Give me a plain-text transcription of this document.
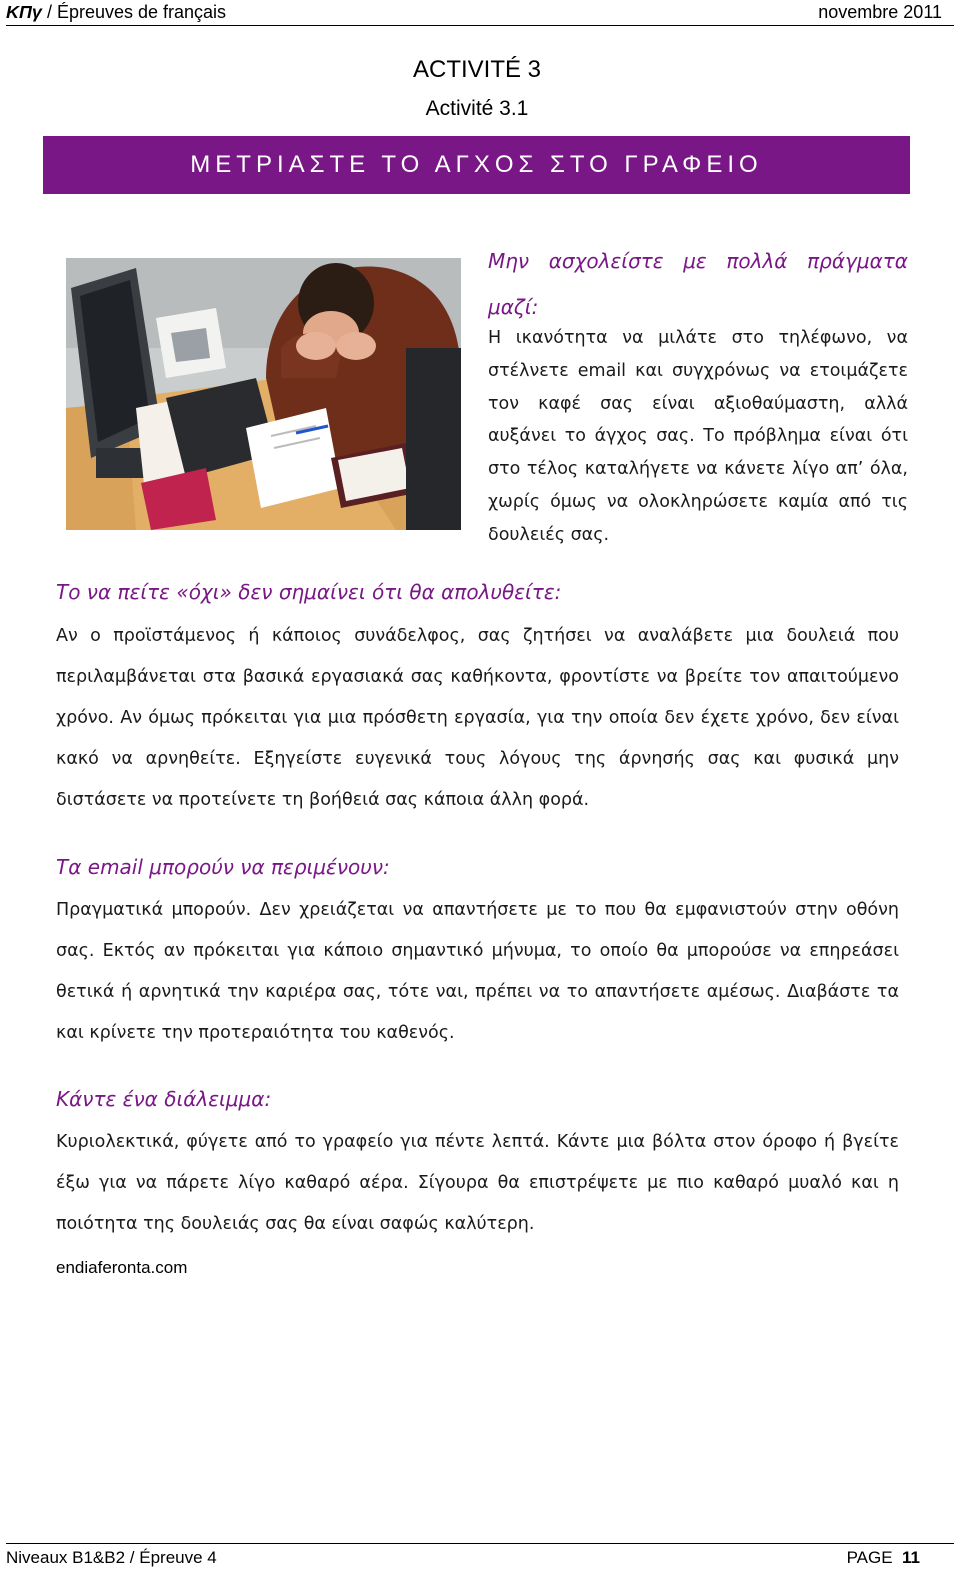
ΚΠγ / Épreuves de français	novembre 2011
ACTIVITÉ 3
Activité 3.1
ΜΕΤΡΙΑΣΤΕ ΤΟ ΑΓΧΟΣ ΣΤΟ ΓΡΑΦΕΙΟ
Μην ασχολείστε με πολλά πράγματα μαζί:
Η ικανότητα να μιλάτε στο τηλέφωνο, να στέλνετε email και συγχρόνως να ετοιμάζετε τον καφέ σας είναι αξιοθαύμαστη, αλλά αυξάνει το άγχος σας. Το πρόβλημα είναι ότι στο τέλος καταλήγετε να κάνετε λίγο απ’ όλα, χωρίς όμως να ολοκληρώσετε καμία από τις δουλειές σας.
Το να πείτε «όχι» δεν σημαίνει ότι θα απολυθείτε:
Αν ο προϊστάμενος ή κάποιος συνάδελφος, σας ζητήσει να αναλάβετε μια δουλειά που περιλαμβάνεται στα βασικά εργασιακά σας καθήκοντα, φροντίστε να βρείτε τον απαιτούμενο χρόνο. Αν όμως πρόκειται για μια πρόσθετη εργασία, για την οποία δεν έχετε χρόνο, δεν είναι κακό να αρνηθείτε. Εξηγείστε ευγενικά τους λόγους της άρνησής σας και φυσικά μην διστάσετε να προτείνετε τη βοήθειά σας κάποια άλλη φορά.
Τα email μπορούν να περιμένουν:
Πραγματικά μπορούν. Δεν χρειάζεται να απαντήσετε με το που θα εμφανιστούν στην οθόνη σας. Εκτός αν πρόκειται για κάποιο σημαντικό μήνυμα, το οποίο θα μπορούσε να επηρεάσει θετικά ή αρνητικά την καριέρα σας, τότε ναι, πρέπει να το απαντήσετε αμέσως. Διαβάστε τα και κρίνετε την προτεραιότητα του καθενός.
Κάντε ένα διάλειμμα:
Κυριολεκτικά, φύγετε από το γραφείο για πέντε λεπτά. Κάντε μια βόλτα στον όροφο ή βγείτε έξω για να πάρετε λίγο καθαρό αέρα. Σίγουρα θα επιστρέψετε με πιο καθαρό μυαλό και η ποιότητα της δουλειάς σας θα είναι σαφώς καλύτερη.
endiaferonta.com
Niveaux B1&B2 / Épreuve 4	PAGE 11
